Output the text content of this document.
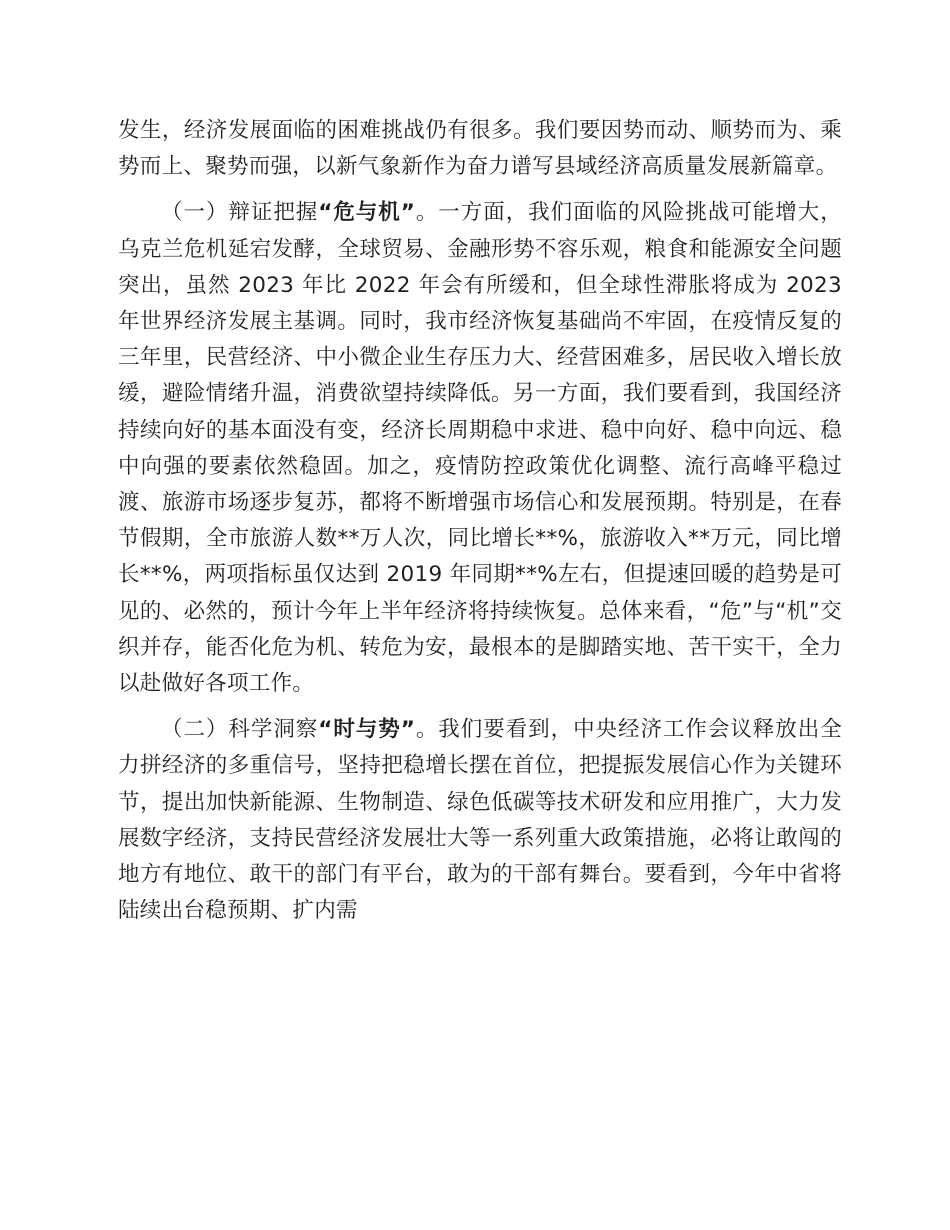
发生，经济发展面临的困难挑战仍有很多。我们要因势而动、顺势而为、乘势而上、聚势而强，以新气象新作为奋力谱写县域经济高质量发展新篇章。

（一）辩证把握“危与机”。一方面，我们面临的风险挑战可能增大，乌克兰危机延宕发酵，全球贸易、金融形势不容乐观，粮食和能源安全问题突出，虽然 2023 年比 2022 年会有所缓和，但全球性滞胀将成为 2023 年世界经济发展主基调。同时，我市经济恢复基础尚不牢固，在疫情反复的三年里，民营经济、中小微企业生存压力大、经营困难多，居民收入增长放缓，避险情绪升温，消费欲望持续降低。另一方面，我们要看到，我国经济持续向好的基本面没有变，经济长周期稳中求进、稳中向好、稳中向远、稳中向强的要素依然稳固。加之，疫情防控政策优化调整、流行高峰平稳过渡、旅游市场逐步复苏，都将不断增强市场信心和发展预期。特别是，在春节假期，全市旅游人数**万人次，同比增长**%，旅游收入**万元，同比增长**%，两项指标虽仅达到 2019 年同期**%左右，但提速回暖的趋势是可见的、必然的，预计今年上半年经济将持续恢复。总体来看，“危”与“机”交织并存，能否化危为机、转危为安，最根本的是脚踏实地、苦干实干，全力以赴做好各项工作。

（二）科学洞察“时与势”。我们要看到，中央经济工作会议释放出全力拼经济的多重信号，坚持把稳增长摆在首位，把提振发展信心作为关键环节，提出加快新能源、生物制造、绿色低碳等技术研发和应用推广，大力发展数字经济，支持民营经济发展壮大等一系列重大政策措施，必将让敢闯的地方有地位、敢干的部门有平台，敢为的干部有舞台。要看到，今年中省将陆续出台稳预期、扩内需
